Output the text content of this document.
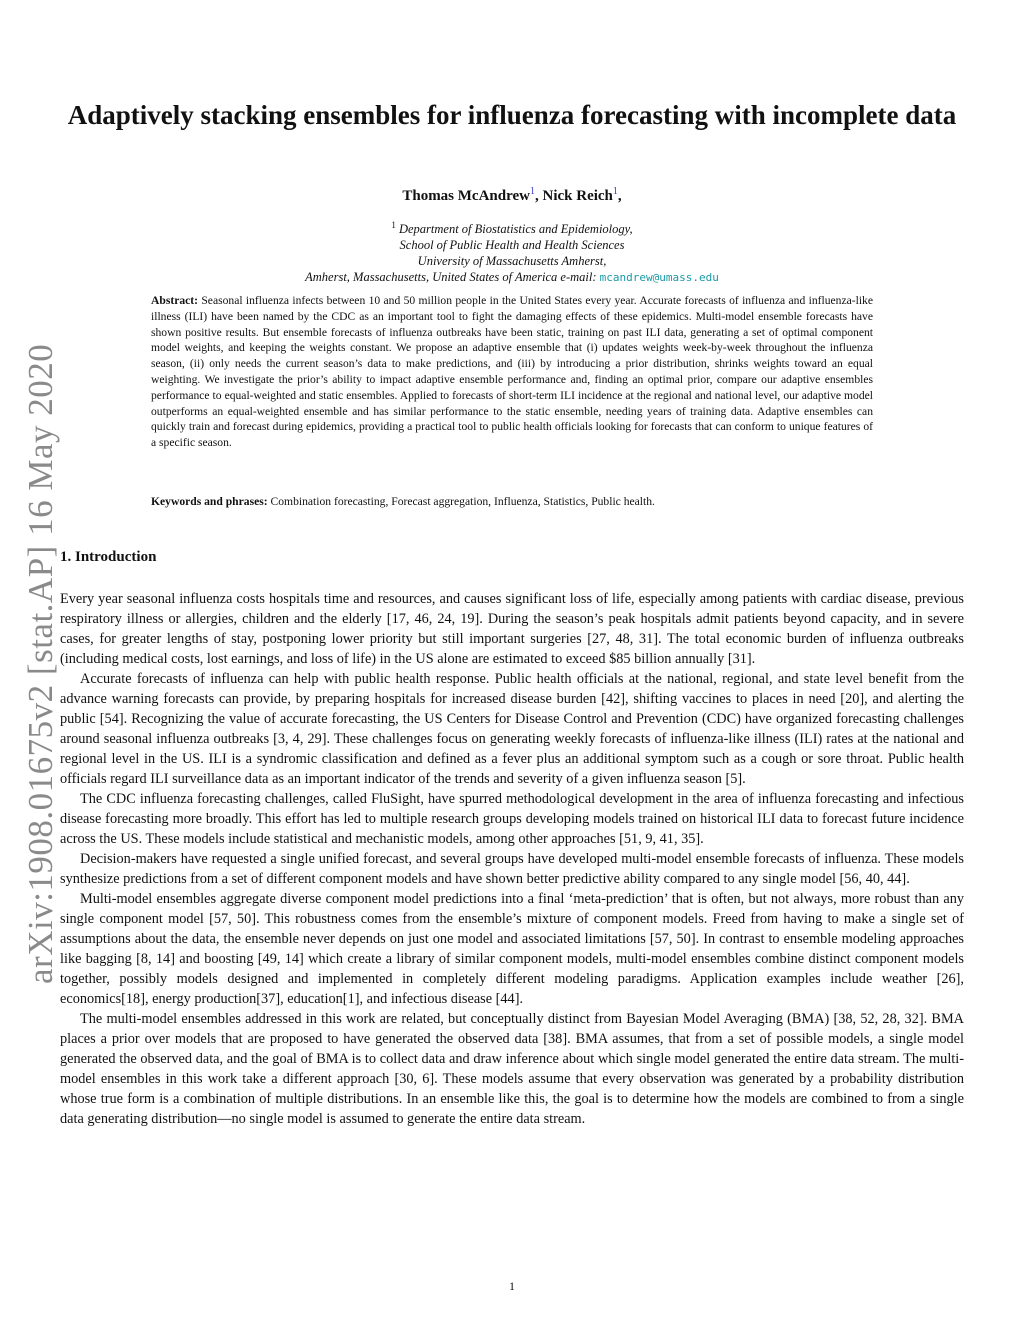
arXiv:1908.01675v2 [stat.AP] 16 May 2020
Adaptively stacking ensembles for influenza forecasting with incomplete data
Thomas McAndrew$^1$, Nick Reich$^1$,
$^1$ Department of Biostatistics and Epidemiology,
School of Public Health and Health Sciences
University of Massachusetts Amherst,
Amherst, Massachusetts, United States of America e-mail: mcandrew@umass.edu
Abstract: Seasonal influenza infects between 10 and 50 million people in the United States every year. Accurate forecasts of influenza and influenza-like illness (ILI) have been named by the CDC as an important tool to fight the damaging effects of these epidemics. Multi-model ensemble forecasts have shown positive results. But ensemble forecasts of influenza outbreaks have been static, training on past ILI data, generating a set of optimal component model weights, and keeping the weights constant. We propose an adaptive ensemble that (i) updates weights week-by-week throughout the influenza season, (ii) only needs the current season’s data to make predictions, and (iii) by introducing a prior distribution, shrinks weights toward an equal weighting. We investigate the prior’s ability to impact adaptive ensemble performance and, finding an optimal prior, compare our adaptive ensembles performance to equal-weighted and static ensembles. Applied to forecasts of short-term ILI incidence at the regional and national level, our adaptive model outperforms an equal-weighted ensemble and has similar performance to the static ensemble, needing years of training data. Adaptive ensembles can quickly train and forecast during epidemics, providing a practical tool to public health officials looking for forecasts that can conform to unique features of a specific season.
Keywords and phrases: Combination forecasting, Forecast aggregation, Influenza, Statistics, Public health.
1. Introduction

Every year seasonal influenza costs hospitals time and resources, and causes significant loss of life, especially among patients with cardiac disease, previous respiratory illness or allergies, children and the elderly [17, 46, 24, 19]. During the season’s peak hospitals admit patients beyond capacity, and in severe cases, for greater lengths of stay, postponing lower priority but still important surgeries [27, 48, 31]. The total economic burden of influenza outbreaks (including medical costs, lost earnings, and loss of life) in the US alone are estimated to exceed $85 billion annually [31].

Accurate forecasts of influenza can help with public health response. Public health officials at the national, regional, and state level benefit from the advance warning forecasts can provide, by preparing hospitals for increased disease burden [42], shifting vaccines to places in need [20], and alerting the public [54]. Recognizing the value of accurate forecasting, the US Centers for Disease Control and Prevention (CDC) have organized forecasting challenges around seasonal influenza outbreaks [3, 4, 29]. These challenges focus on generating weekly forecasts of influenza-like illness (ILI) rates at the national and regional level in the US. ILI is a syndromic classification and defined as a fever plus an additional symptom such as a cough or sore throat. Public health officials regard ILI surveillance data as an important indicator of the trends and severity of a given influenza season [5].

The CDC influenza forecasting challenges, called FluSight, have spurred methodological development in the area of influenza forecasting and infectious disease forecasting more broadly. This effort has led to multiple research groups developing models trained on historical ILI data to forecast future incidence across the US. These models include statistical and mechanistic models, among other approaches [51, 9, 41, 35].

Decision-makers have requested a single unified forecast, and several groups have developed multi-model ensemble forecasts of influenza. These models synthesize predictions from a set of different component models and have shown better predictive ability compared to any single model [56, 40, 44].

Multi-model ensembles aggregate diverse component model predictions into a final ‘meta-prediction’ that is often, but not always, more robust than any single component model [57, 50]. This robustness comes from the ensemble’s mixture of component models. Freed from having to make a single set of assumptions about the data, the ensemble never depends on just one model and associated limitations [57, 50]. In contrast to ensemble modeling approaches like bagging [8, 14] and boosting [49, 14] which create a library of similar component models, multi-model ensembles combine distinct component models together, possibly models designed and implemented in completely different modeling paradigms. Application examples include weather [26], economics[18], energy production[37], education[1], and infectious disease [44].

The multi-model ensembles addressed in this work are related, but conceptually distinct from Bayesian Model Averaging (BMA) [38, 52, 28, 32]. BMA places a prior over models that are proposed to have generated the observed data [38]. BMA assumes, that from a set of possible models, a single model generated the observed data, and the goal of BMA is to collect data and draw inference about which single model generated the entire data stream. The multi-model ensembles in this work take a different approach [30, 6]. These models assume that every observation was generated by a probability distribution whose true form is a combination of multiple distributions. In an ensemble like this, the goal is to determine how the models are combined to from a single data generating distribution—no single model is assumed to generate the entire data stream.

1
